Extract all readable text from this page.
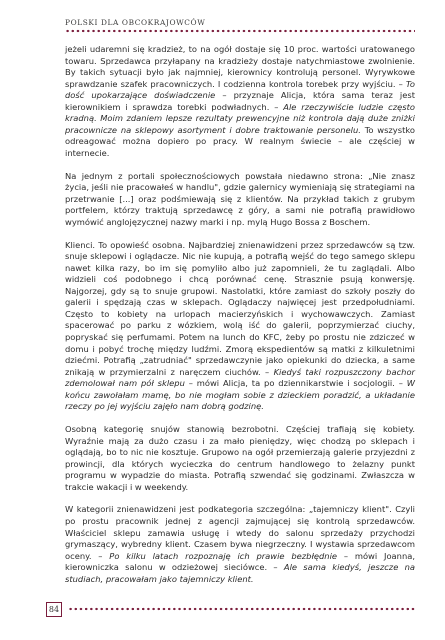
POLSKI DLA OBCOKRAJOWCÓW

jeżeli udaremni się kradzież, to na ogół dostaje się 10 proc. wartości uratowanego towaru. Sprzedawca przyłapany na kradzieży dostaje natychmiastowe zwolnienie. By takich sytuacji było jak najmniej, kierownicy kontrolują personel. Wyrywkowe sprawdzanie szafek pracowniczych. I codzienna kontrola torebek przy wyjściu. – To dość upokarzające doświadczenie – przyznaje Alicja, która sama teraz jest kierownikiem i sprawdza torebki podwładnych. – Ale rzeczywiście ludzie często kradną. Moim zdaniem lepsze rezultaty prewencyjne niż kontrola dają duże zniżki pracownicze na sklepowy asortyment i dobre traktowanie personelu. To wszystko odreagować można dopiero po pracy. W realnym świecie – ale częściej w internecie.

Na jednym z portali społecznościowych powstała niedawno strona: „Nie znasz życia, jeśli nie pracowałeś w handlu", gdzie galernicy wymieniają się strategiami na przetrwanie [...] oraz podśmiewają się z klientów. Na przykład takich z grubym portfelem, którzy traktują sprzedawcę z góry, a sami nie potrafią prawidłowo wymówić anglojęzycznej nazwy marki i np. mylą Hugo Bossa z Boschem.

Klienci. To opowieść osobna. Najbardziej znienawidzeni przez sprzedawców są tzw. snuje sklepowi i oglądacze. Nic nie kupują, a potrafią wejść do tego samego sklepu nawet kilka razy, bo im się pomyliło albo już zapomnieli, że tu zaglądali. Albo widzieli coś podobnego i chcą porównać cenę. Strasznie psują konwersję. Najgorzej, gdy są to snuje grupowi. Nastolatki, które zamiast do szkoły poszły do galerii i spędzają czas w sklepach. Oglądaczy najwięcej jest przedpołudniami. Często to kobiety na urlopach macierzyńskich i wychowawczych. Zamiast spacerować po parku z wózkiem, wolą iść do galerii, poprzymierzać ciuchy, popryskać się perfumami. Potem na lunch do KFC, żeby po prostu nie zdziczeć w domu i pobyć trochę między ludźmi. Zmorą ekspedientów są matki z kilkuletnimi dziećmi. Potrafią „zatrudniać" sprzedawczynie jako opiekunki do dziecka, a same znikają w przymierzalni z naręczem ciuchów. – Kiedyś taki rozpuszczony bachor zdemolował nam pół sklepu – mówi Alicja, ta po dziennikarstwie i socjologii. – W końcu zawołałam mamę, bo nie mogłam sobie z dzieckiem poradzić, a układanie rzeczy po jej wyjściu zajęło nam dobrą godzinę.

Osobną kategorię snujów stanowią bezrobotni. Częściej trafiają się kobiety. Wyraźnie mają za dużo czasu i za mało pieniędzy, więc chodzą po sklepach i oglądają, bo to nic nie kosztuje. Grupowo na ogół przemierzają galerie przyjezdni z prowincji, dla których wycieczka do centrum handlowego to żelazny punkt programu w wypadzie do miasta. Potrafią szwendać się godzinami. Zwłaszcza w trakcie wakacji i w weekendy.

W kategorii znienawidzeni jest podkategoria szczególna: „tajemniczy klient". Czyli po prostu pracownik jednej z agencji zajmującej się kontrolą sprzedawców. Właściciel sklepu zamawia usługę i wtedy do salonu sprzedaży przychodzi grymaszący, wybredny klient. Czasem bywa niegrzeczny. I wystawia sprzedawcom oceny. – Po kilku latach rozpoznaję ich prawie bezbłędnie – mówi Joanna, kierowniczka salonu w odzieżowej sieciówce. – Ale sama kiedyś, jeszcze na studiach, pracowałam jako tajemniczy klient.

84
